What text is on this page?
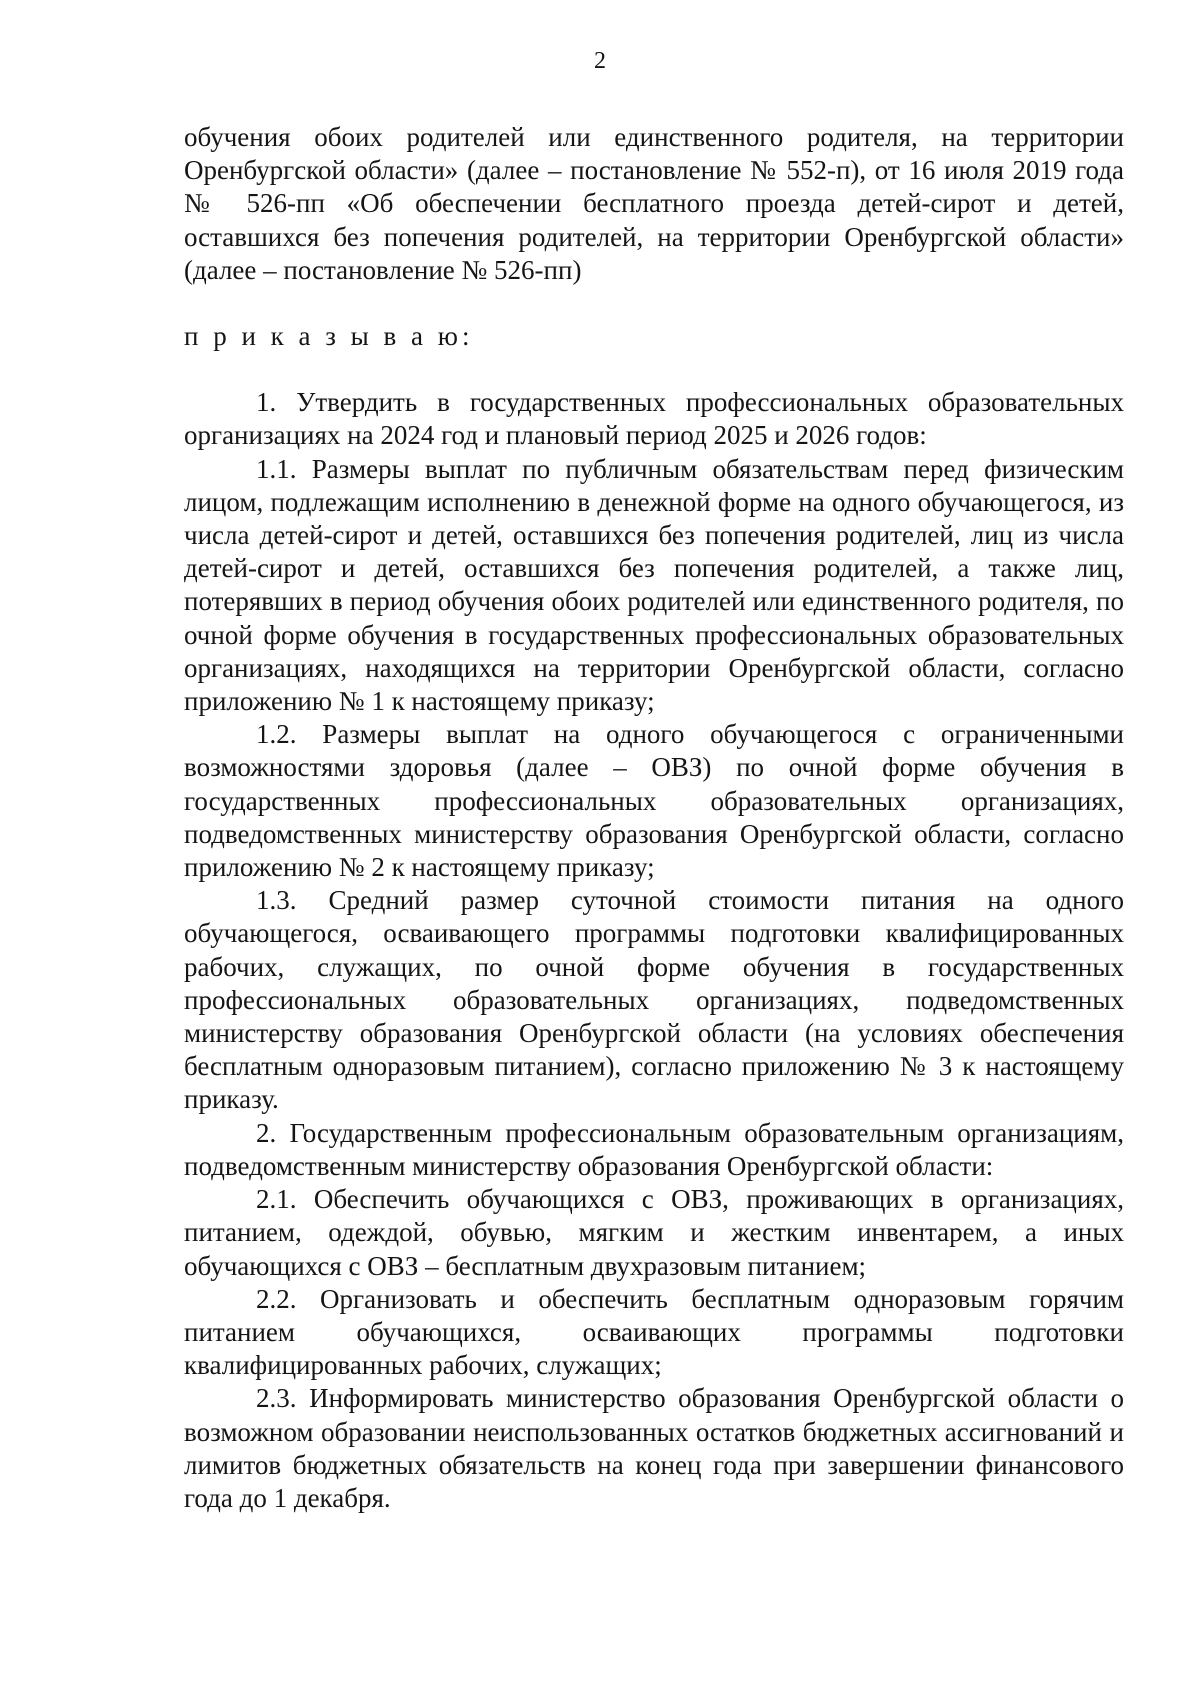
2

обучения обоих родителей или единственного родителя, на территории Оренбургской области» (далее – постановление № 552-п), от 16 июля 2019 года № 526-пп «Об обеспечении бесплатного проезда детей-сирот и детей, оставшихся без попечения родителей, на территории Оренбургской области» (далее – постановление № 526-пп)

п р и к а з ы в а ю:

1. Утвердить в государственных профессиональных образовательных организациях на 2024 год и плановый период 2025 и 2026 годов:

1.1. Размеры выплат по публичным обязательствам перед физическим лицом, подлежащим исполнению в денежной форме на одного обучающегося, из числа детей-сирот и детей, оставшихся без попечения родителей, лиц из числа детей-сирот и детей, оставшихся без попечения родителей, а также лиц, потерявших в период обучения обоих родителей или единственного родителя, по очной форме обучения в государственных профессиональных образовательных организациях, находящихся на территории Оренбургской области, согласно приложению № 1 к настоящему приказу;

1.2. Размеры выплат на одного обучающегося с ограниченными возможностями здоровья (далее – ОВЗ) по очной форме обучения в государственных профессиональных образовательных организациях, подведомственных министерству образования Оренбургской области, согласно приложению № 2 к настоящему приказу;

1.3. Средний размер суточной стоимости питания на одного обучающегося, осваивающего программы подготовки квалифицированных рабочих, служащих, по очной форме обучения в государственных профессиональных образовательных организациях, подведомственных министерству образования Оренбургской области (на условиях обеспечения бесплатным одноразовым питанием), согласно приложению № 3 к настоящему приказу.

2. Государственным профессиональным образовательным организациям, подведомственным министерству образования Оренбургской области:

2.1. Обеспечить обучающихся с ОВЗ, проживающих в организациях, питанием, одеждой, обувью, мягким и жестким инвентарем, а иных обучающихся с ОВЗ – бесплатным двухразовым питанием;

2.2. Организовать и обеспечить бесплатным одноразовым горячим питанием обучающихся, осваивающих программы подготовки квалифицированных рабочих, служащих;

2.3. Информировать министерство образования Оренбургской области о возможном образовании неиспользованных остатков бюджетных ассигнований и лимитов бюджетных обязательств на конец года при завершении финансового года до 1 декабря.
